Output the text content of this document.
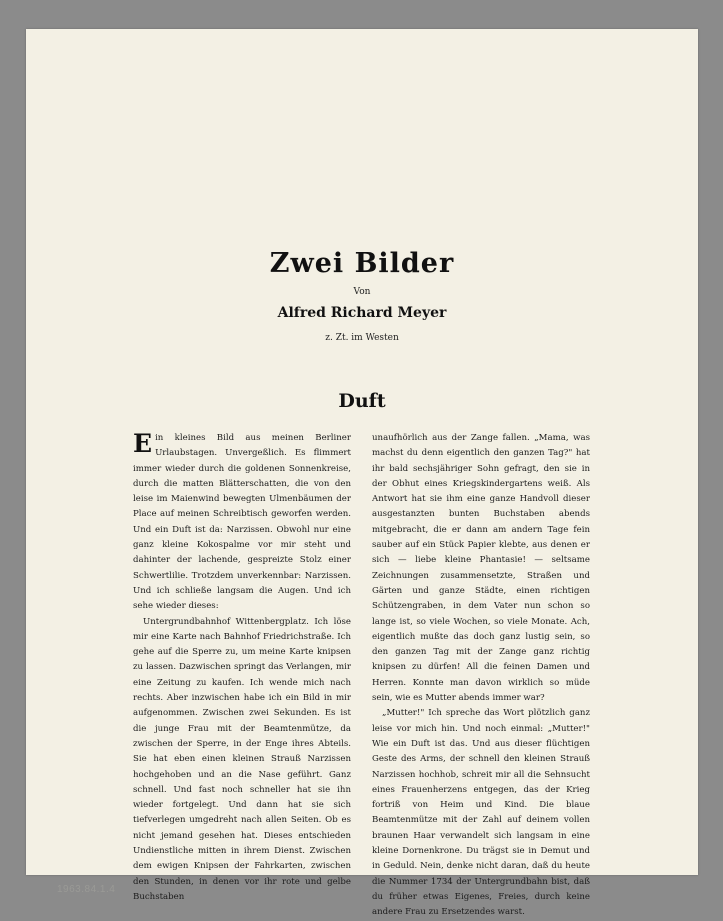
Zwei Bilder
Von
Alfred Richard Meyer
z. Zt. im Westen
Duft

Ein kleines Bild aus meinen Berliner Urlaubstagen. Unvergeßlich. Es flimmert immer wieder durch die goldenen Sonnenkreise, durch die matten Blätterschatten, die von den leise im Maienwind bewegten Ulmenbäumen der Place auf meinen Schreibtisch geworfen werden. Und ein Duft ist da: Narzissen. Obwohl nur eine ganz kleine Kokospalme vor mir steht und dahinter der lachende, gespreizte Stolz einer Schwertlilie. Trotzdem unverkennbar: Narzissen. Und ich schließe langsam die Augen. Und ich sehe wieder dieses:

Untergrundbahnhof Wittenbergplatz. Ich löse mir eine Karte nach Bahnhof Friedrichstraße. Ich gehe auf die Sperre zu, um meine Karte knipsen zu lassen. Dazwischen springt das Verlangen, mir eine Zeitung zu kaufen. Ich wende mich nach rechts. Aber inzwischen habe ich ein Bild in mir aufgenommen. Zwischen zwei Sekunden. Es ist die junge Frau mit der Beamtenmütze, da zwischen der Sperre, in der Enge ihres Abteils. Sie hat eben einen kleinen Strauß Narzissen hochgehoben und an die Nase geführt. Ganz schnell. Und fast noch schneller hat sie ihn wieder fortgelegt. Und dann hat sie sich tiefverlegen umgedreht nach allen Seiten. Ob es nicht jemand gesehen hat. Dieses entschieden Undienstliche mitten in ihrem Dienst. Zwischen dem ewigen Knipsen der Fahrkarten, zwischen den Stunden, in denen vor ihr rote und gelbe Buchstaben

unaufhörlich aus der Zange fallen. „Mama, was machst du denn eigentlich den ganzen Tag?" hat ihr bald sechsjähriger Sohn gefragt, den sie in der Obhut eines Kriegskindergartens weiß. Als Antwort hat sie ihm eine ganze Handvoll dieser ausgestanzten bunten Buchstaben abends mitgebracht, die er dann am andern Tage fein sauber auf ein Stück Papier klebte, aus denen er sich — liebe kleine Phantasie! — seltsame Zeichnungen zusammensetzte, Straßen und Gärten und ganze Städte, einen richtigen Schützengraben, in dem Vater nun schon so lange ist, so viele Wochen, so viele Monate. Ach, eigentlich mußte das doch ganz lustig sein, so den ganzen Tag mit der Zange ganz richtig knipsen zu dürfen! All die feinen Damen und Herren. Konnte man davon wirklich so müde sein, wie es Mutter abends immer war?

„Mutter!" Ich spreche das Wort plötzlich ganz leise vor mich hin. Und noch einmal: „Mutter!" Wie ein Duft ist das. Und aus dieser flüchtigen Geste des Arms, der schnell den kleinen Strauß Narzissen hochhob, schreit mir all die Sehnsucht eines Frauenherzens entgegen, das der Krieg fortriß von Heim und Kind. Die blaue Beamtenmütze mit der Zahl auf deinem vollen braunen Haar verwandelt sich langsam in eine kleine Dornenkrone. Du trägst sie in Demut und in Geduld. Nein, denke nicht daran, daß du heute die Nummer 1734 der Untergrundbahn bist, daß du früher etwas Eigenes, Freies, durch keine andere Frau zu Ersetzendes warst.

1963.84.1.4
